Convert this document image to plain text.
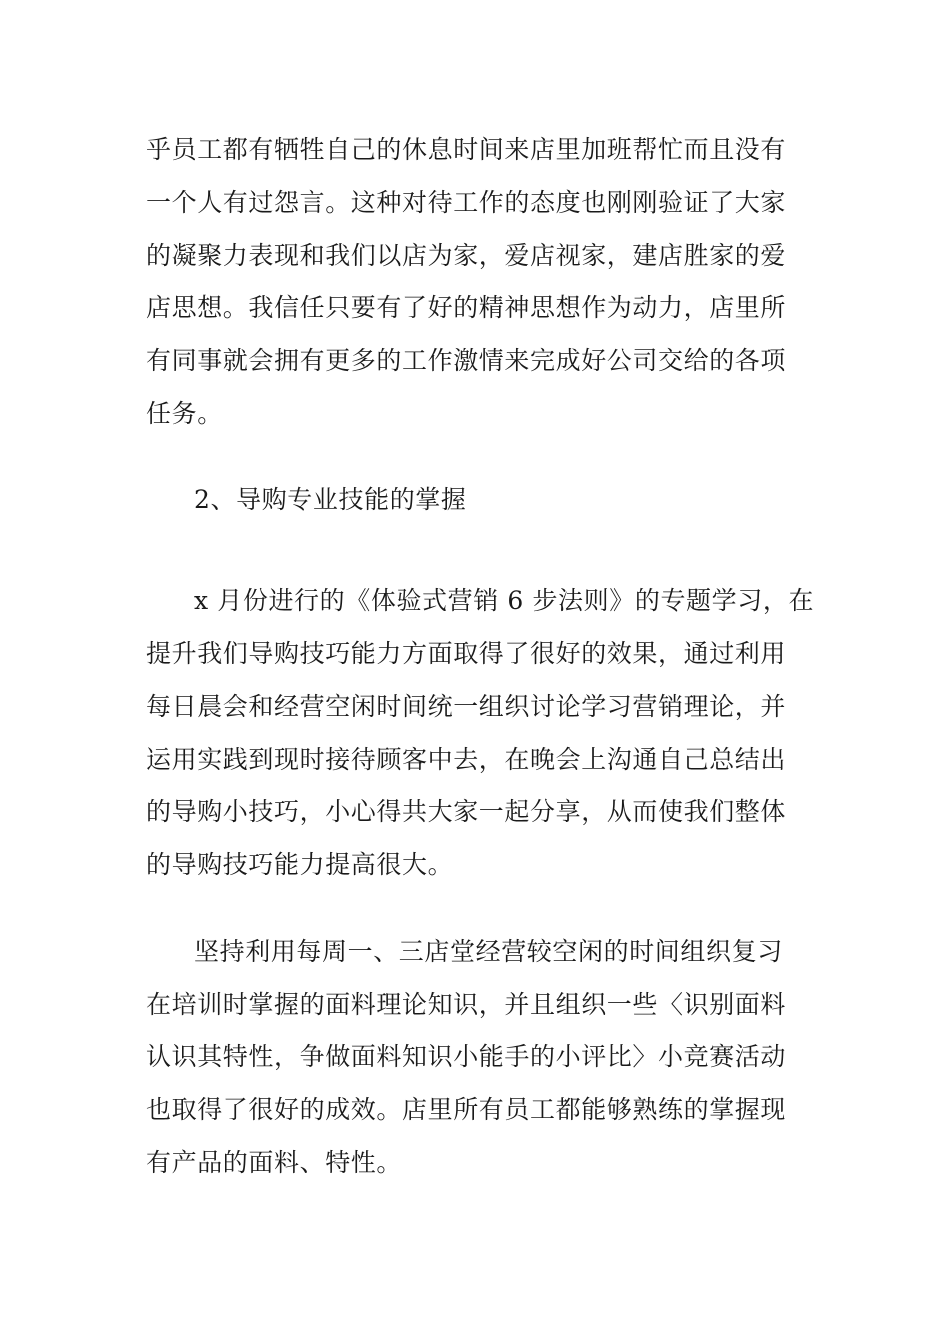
乎员工都有牺牲自己的休息时间来店里加班帮忙而且没有
一个人有过怨言。这种对待工作的态度也刚刚验证了大家
的凝聚力表现和我们以店为家，爱店视家，建店胜家的爱
店思想。我信任只要有了好的精神思想作为动力，店里所
有同事就会拥有更多的工作激情来完成好公司交给的各项
任务。
2、导购专业技能的掌握
x 月份进行的《体验式营销 6 步法则》的专题学习，在
提升我们导购技巧能力方面取得了很好的效果，通过利用
每日晨会和经营空闲时间统一组织讨论学习营销理论，并
运用实践到现时接待顾客中去，在晚会上沟通自己总结出
的导购小技巧，小心得共大家一起分享，从而使我们整体
的导购技巧能力提高很大。
坚持利用每周一、三店堂经营较空闲的时间组织复习
在培训时掌握的面料理论知识，并且组织一些〈识别面料
认识其特性，争做面料知识小能手的小评比〉小竞赛活动
也取得了很好的成效。店里所有员工都能够熟练的掌握现
有产品的面料、特性。
